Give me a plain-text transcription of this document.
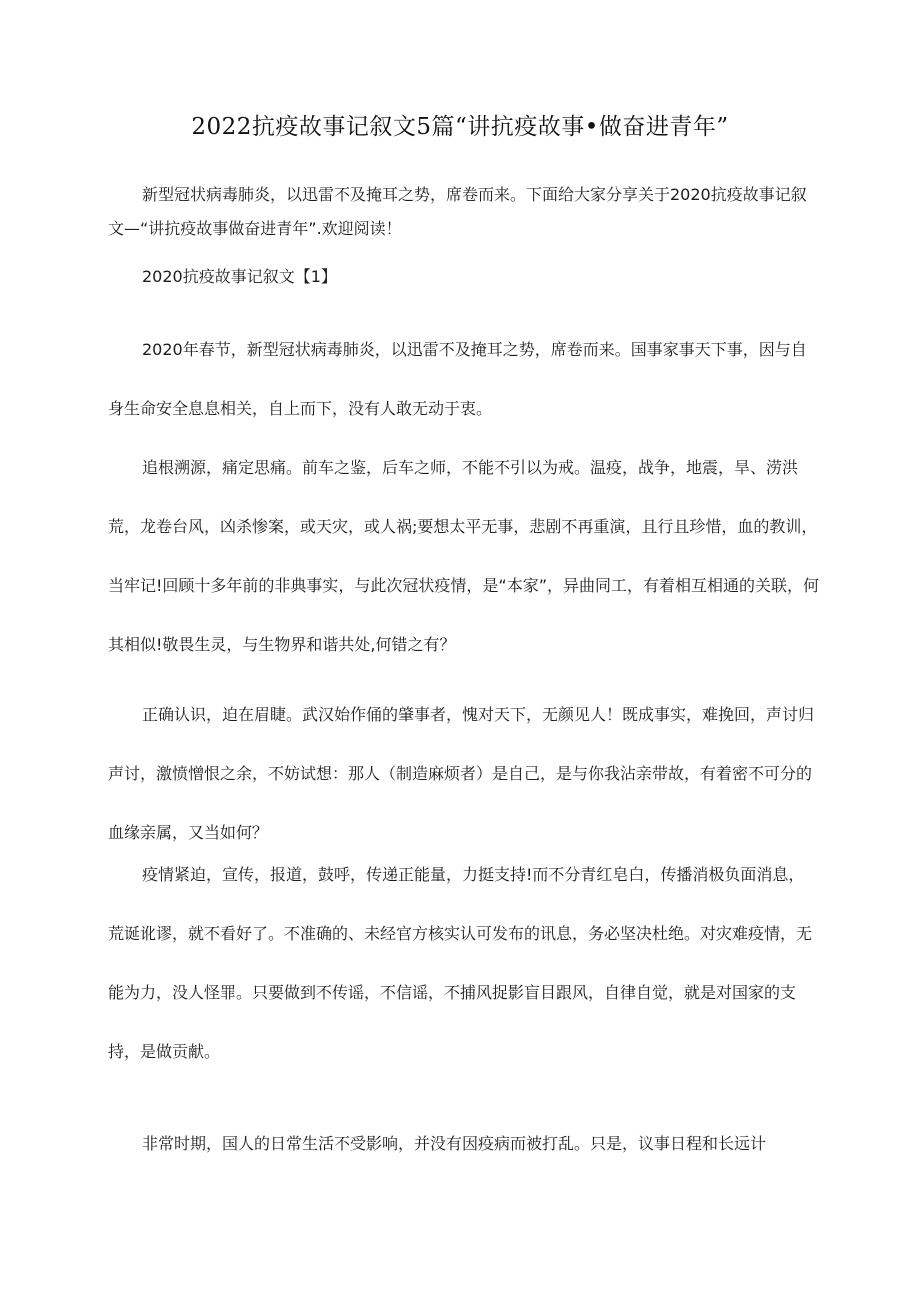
2022抗疫故事记叙文5篇“讲抗疫故事•做奋进青年”

新型冠状病毒肺炎，以迅雷不及掩耳之势，席卷而来。下面给大家分享关于2020抗疫故事记叙文—“讲抗疫故事做奋进青年”.欢迎阅读！

2020抗疫故事记叙文【1】

2020年春节，新型冠状病毒肺炎，以迅雷不及掩耳之势，席卷而来。国事家事天下事，因与自身生命安全息息相关，自上而下，没有人敢无动于衷。

追根溯源，痛定思痛。前车之鉴，后车之师，不能不引以为戒。温疫，战争，地震，旱、涝洪荒，龙卷台风，凶杀惨案，或天灾，或人祸;要想太平无事，悲剧不再重演，且行且珍惜，血的教训，当牢记!回顾十多年前的非典事实，与此次冠状疫情，是“本家”，异曲同工，有着相互相通的关联，何其相似!敬畏生灵，与生物界和谐共处,何错之有？

正确认识，迫在眉睫。武汉始作俑的肇事者，愧对天下，无颜见人！既成事实，难挽回，声讨归声讨，激愤憎恨之余，不妨试想：那人（制造麻烦者）是自己，是与你我沾亲带故，有着密不可分的血缘亲属，又当如何？

疫情紧迫，宣传，报道，鼓呼，传递正能量，力挺支持!而不分青红皂白，传播消极负面消息，荒诞讹谬，就不看好了。不准确的、未经官方核实认可发布的讯息，务必坚决杜绝。对灾难疫情，无能为力，没人怪罪。只要做到不传谣，不信谣，不捕风捉影盲目跟风，自律自觉，就是对国家的支持，是做贡献。

非常时期，国人的日常生活不受影响，并没有因疫病而被打乱。只是，议事日程和长远计
